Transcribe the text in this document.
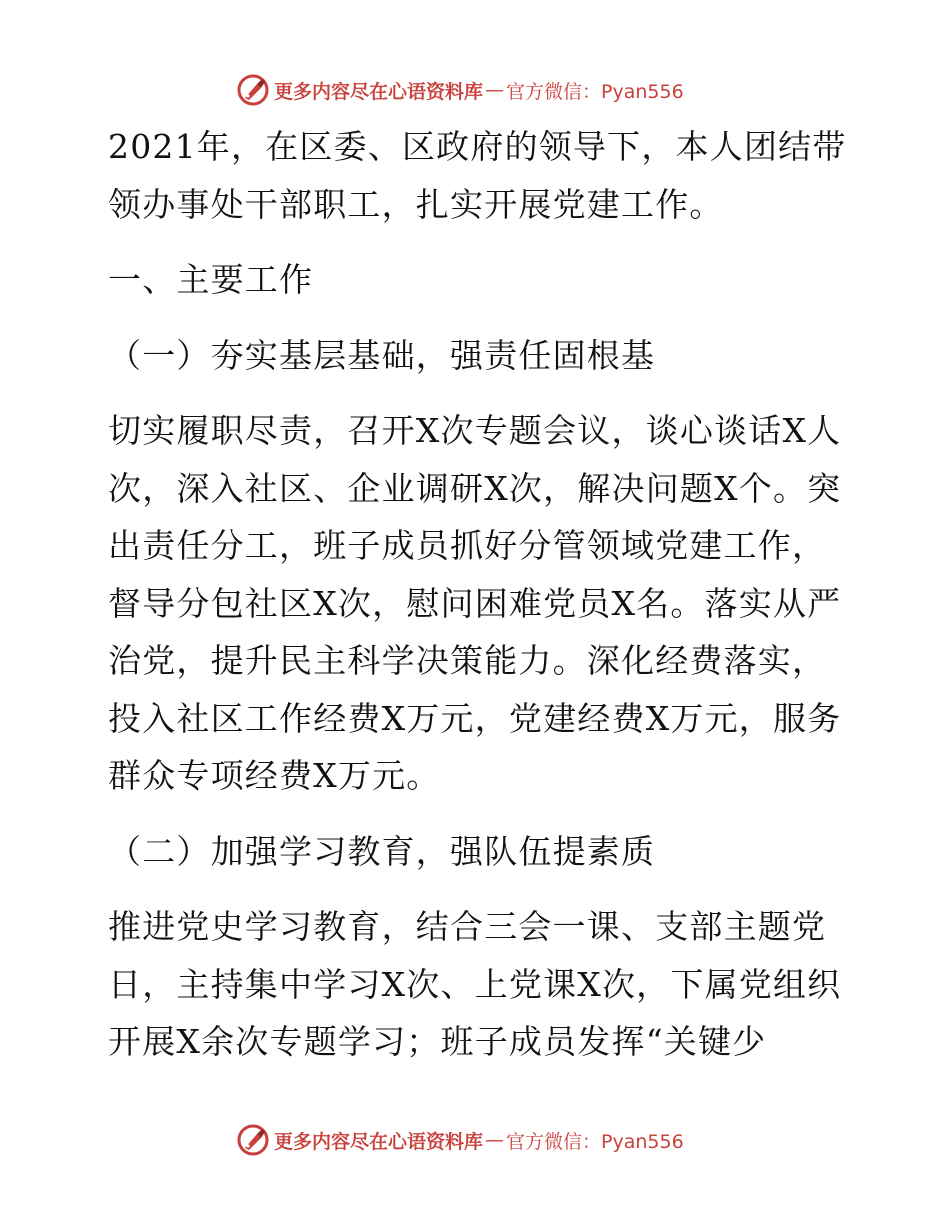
更多内容尽在心语资料库 — 官方微信：Pyan556

2021年，在区委、区政府的领导下，本人团结带领办事处干部职工，扎实开展党建工作。

一、主要工作

（一）夯实基层基础，强责任固根基

切实履职尽责，召开X次专题会议，谈心谈话X人次，深入社区、企业调研X次，解决问题X个。突出责任分工，班子成员抓好分管领域党建工作，督导分包社区X次，慰问困难党员X名。落实从严治党，提升民主科学决策能力。深化经费落实，投入社区工作经费X万元，党建经费X万元，服务群众专项经费X万元。

（二）加强学习教育，强队伍提素质

推进党史学习教育，结合三会一课、支部主题党日，主持集中学习X次、上党课X次，下属党组织开展X余次专题学习；班子成员发挥“关键少

更多内容尽在心语资料库 — 官方微信：Pyan556
